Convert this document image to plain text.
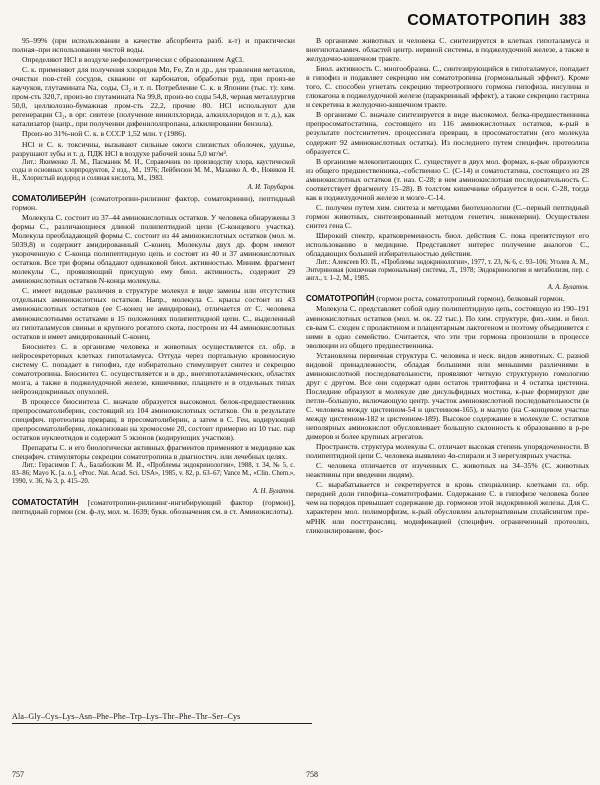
СОМАТОТРОПИН 383

95–99% (при использовании в качестве абсорбента разб. к-т) и практически полная–при использовании чистой воды.

Определяют HCl в воздухе нефелометрически с образованием AgCl.

С. к. применяют для получения хлоридов Mn, Fe, Zn и др., для травления металлов, очистки пов-стей сосудов, скважин от карбонатов, обработки руд, при произ-ве каучуков, глутамината Na, соды, Cl₂ и т. п. Потребление С. к. в Японии (тыс. т): хим. пром-сть 320,7, произ-во глутамината Na 99,8, произ-во соды 54,8, черная металлургия 50,0, целлюлозно-бумажная пром-сть 22,2, прочие 80. HCl используют для регенерации Cl₂, в орг. синтезе (получение винилхлорида, алкилхлоридов и т. д.), как катализатор (напр., при получении дифенилолпропана, алкилировании бензола).

Произ-во 31%-ной С. к. в СССР 1,52 млн. т (1986).

HCl и С. к. токсичны, вызывают сильные ожоги слизистых оболочек, удушье, разрушают зубы и т. д. ПДК HCl в воздухе рабочей зоны 5,0 мг/м³.

Лит.: Якименко Л. М., Пасманик М. И., Справочник по производству хлора, каустической соды и основных хлорпродуктов, 2 изд., М., 1976; Лейбензон М. М., Мазанко А. Ф., Новиков Н. Н., Хлористый водород и соляная кислота, М., 1983.

А. И. Торубаров.

СОМАТОЛИБЕРИ́Н (соматотропин-рилизинг фактор, соматокринин), пептидный гормон.

Молекула С. состоит из 37–44 аминокислотных остатков. У человека обнаружены 3 формы С., различающиеся длиной полипептидной цепи (С-концевого участка). Молекула преобладающей формы С. состоит из 44 аминокислотных остатков (мол. м. 5039,8) и содержит амидированный С-конец. Молекулы двух др. форм имеют укороченную с С-конца полипептидную цепь и состоят из 40 и 37 аминокислотных остатков. Все три формы обладают одинаковой биол. активностью. Миним. фрагмент молекулы С., проявляющий присущую ему биол. активность, содержит 29 аминокислотных остатков N-конца молекулы.

С. имеет видовые различия в структуре молекул в виде замены или отсутствия отдельных аминокислотных остатков. Напр., молекула С. крысы состоит из 43 аминокислотных остатков (ее С-конец не амидирован), отличается от С. человека аминокислотными остатками в 15 положениях полипептидной цепи. С., выделенный из гипоталамусов свиньи и крупного рогатого скота, построен из 44 аминокислотных остатков и имеет амидированный С-конец.

Биосинтез С. в организме человека и животных осуществляется гл. обр. в нейросекреторных клетках гипоталамуса. Оттуда через портальную кровеносную систему С. попадает в гипофиз, где избирательно стимулирует синтез и секрецию соматотропина. Биосинтез С. осуществляется и в др., внегипоталамических, областях мозга, а также в поджелудочной железе, кишечнике, плаценте и в отдельных типах нейроэндокринных опухолей.

В процессе биосинтеза С. вначале образуется высокомол. белок-предшественник препросоматолиберин, состоящий из 104 аминокислотных остатков. Он в результате специфич. протеолиза превращ. в пресоматолиберин, а затем в С. Ген, кодирующий препросоматолиберин, локализован на хромосоме 20, состоит примерно из 10 тыс. пар остатков нуклеотидов и содержит 5 экзонов (кодирующих участков).

Препараты С. и его биологически активных фрагментов применяют в медицине как специфич. стимуляторы секреции соматотропина в диагностич. или лечебных целях.

Лит.: Герасимов Г. А., Балаболкин М. И., «Проблемы эндокринологии», 1988, т. 34, № 5, с. 83–86; Mayo K. [a. o.], «Proc. Nat. Acad. Sci. USA», 1985, v. 82, p. 63–67; Vance M., «Clin. Chem.», 1990, v. 36, № 3, p. 415–20.

А. Н. Булатов.

СОМАТОСТАТИ́Н [соматотропин-рилизинг-ингибирующий фактор (гормон)], пептидный гормон (см. ф-лу, мол. м. 1639; букв. обозначения см. в ст. Аминокислоты).

В организме животных и человека С. синтезируется в клетках гипоталамуса и внегипоталамич. областей центр. нервной системы, в поджелудочной железе, а также в желудочно-кишечном тракте.

Биол. активность С. многообразна. С., синтезирующийся в гипоталамусе, попадает в гипофиз и подавляет секрецию им соматотропина (гормональный эффект). Кроме того, С. способен угнетать секрецию тиреотропного гормона гипофиза, инсулина и глюкагона в поджелудочной железе (паракринный эффект), а также секрецию гастрина и секретина в желудочно-кишечном тракте.

В организме С. вначале синтезируется в виде высокомол. белка-предшественника препросоматостатина, состоящего из 116 аминокислотных остатков, к-рый в результате постсинтетич. процессинга превращ. в просоматостатин (его молекула содержит 92 аминокислотных остатка). Из последнего путем специфич. протеолиза образуется С.

В организме млекопитающих С. существует в двух мол. формах, к-рые образуются из общего предшественника,–собственно С. (С-14) и соматостатина, состоящего из 28 аминокислотных остатков (т. наз. С-28; в нем аминокислотная последовательность С. соответствует фрагменту 15–28). В толстом кишечнике образуется в осн. С-28, тогда как в поджелудочной железе и мозге–С-14.

С. получен путем хим. синтеза и методами биотехнологии (С.–первый пептидный гормон животных, синтезированный методом генетич. инженерии). Осуществлен синтез гена С.

Широкий спектр, кратковременность биол. действия С. пока препятствуют его использованию в медицине. Представляет интерес получение аналогов С., обладающих большей избирательностью действия.

Лит.: Алексеев Ю. П., «Проблемы эндокринологии», 1977, т. 23, № 6, с. 93–106; Уголев А. М., Энтериновая (кишечная гормональная) система, Л., 1978; Эндокринология и метаболизм, пер. с англ., т. 1–2, М., 1985.

А. А. Булатов.

СОМАТОТРОПИ́Н (гормон роста, соматотропный гормон), белковый гормон.

Молекула С. представляет собой одну полипептидную цепь, состоящую из 190–191 аминокислотных остатков (мол. м. ок. 22 тыс.). По хим. структуре, физ.-хим. и биол. св-вам С. сходен с пролактином и плацентарным лактогеном и поэтому объединяется с ними в одно семейство. Считается, что эти три гормона произошли в процессе эволюции из общего предшественника.

Установлена первичная структура С. человека и неск. видов животных. С. разной видовой принадлежности, обладая большими или меньшими различиями в аминокислотной последовательности, проявляют четкую структурную гомологию друг с другом. Все они содержат один остаток триптофана и 4 остатка цистеина. Последние образуют в молекуле две дисульфидных мостика, к-рые формируют две петли–большую, включающую центр. участок аминокислотной последовательности (в С. человека между цистеином-54 и цистеином-165), и малую (на С-концевом участке между цистеином-182 и цистеином-189). Высокое содержание в молекуле С. остатков неполярных аминокислот обусловливает большую склонность к образованию в р-ре димеров и более крупных агрегатов.

Пространств. структура молекулы С. отличает высокая степень упорядоченности. В полипептидной цепи С. человека выявлено 4α-спирали и 3 нерегулярных участка.

С. человека отличается от изученных С. животных на 34–35% (С. животных неактивны при введении людям).

С. вырабатывается и секретируется в кровь специализир. клетками гл. обр. передней доли гипофиза–соматотрофами. Содержание С. в гипофизе человека более чем на порядок превышает содержание др. гормонов этой эндокринной железы. Для С. характерен мол. полиморфизм, к-рый обусловлен альтернативным сплайсингом пре-мРНК или посттрансляц. модификацией (специфич. ограниченный протеолиз, гликозилирование, фос-

Ala–Gly–Cys–Lys–Asn–Phe–Phe–Trp–Lys–Thr–Phe–Thr–Ser–Cys
757	758
